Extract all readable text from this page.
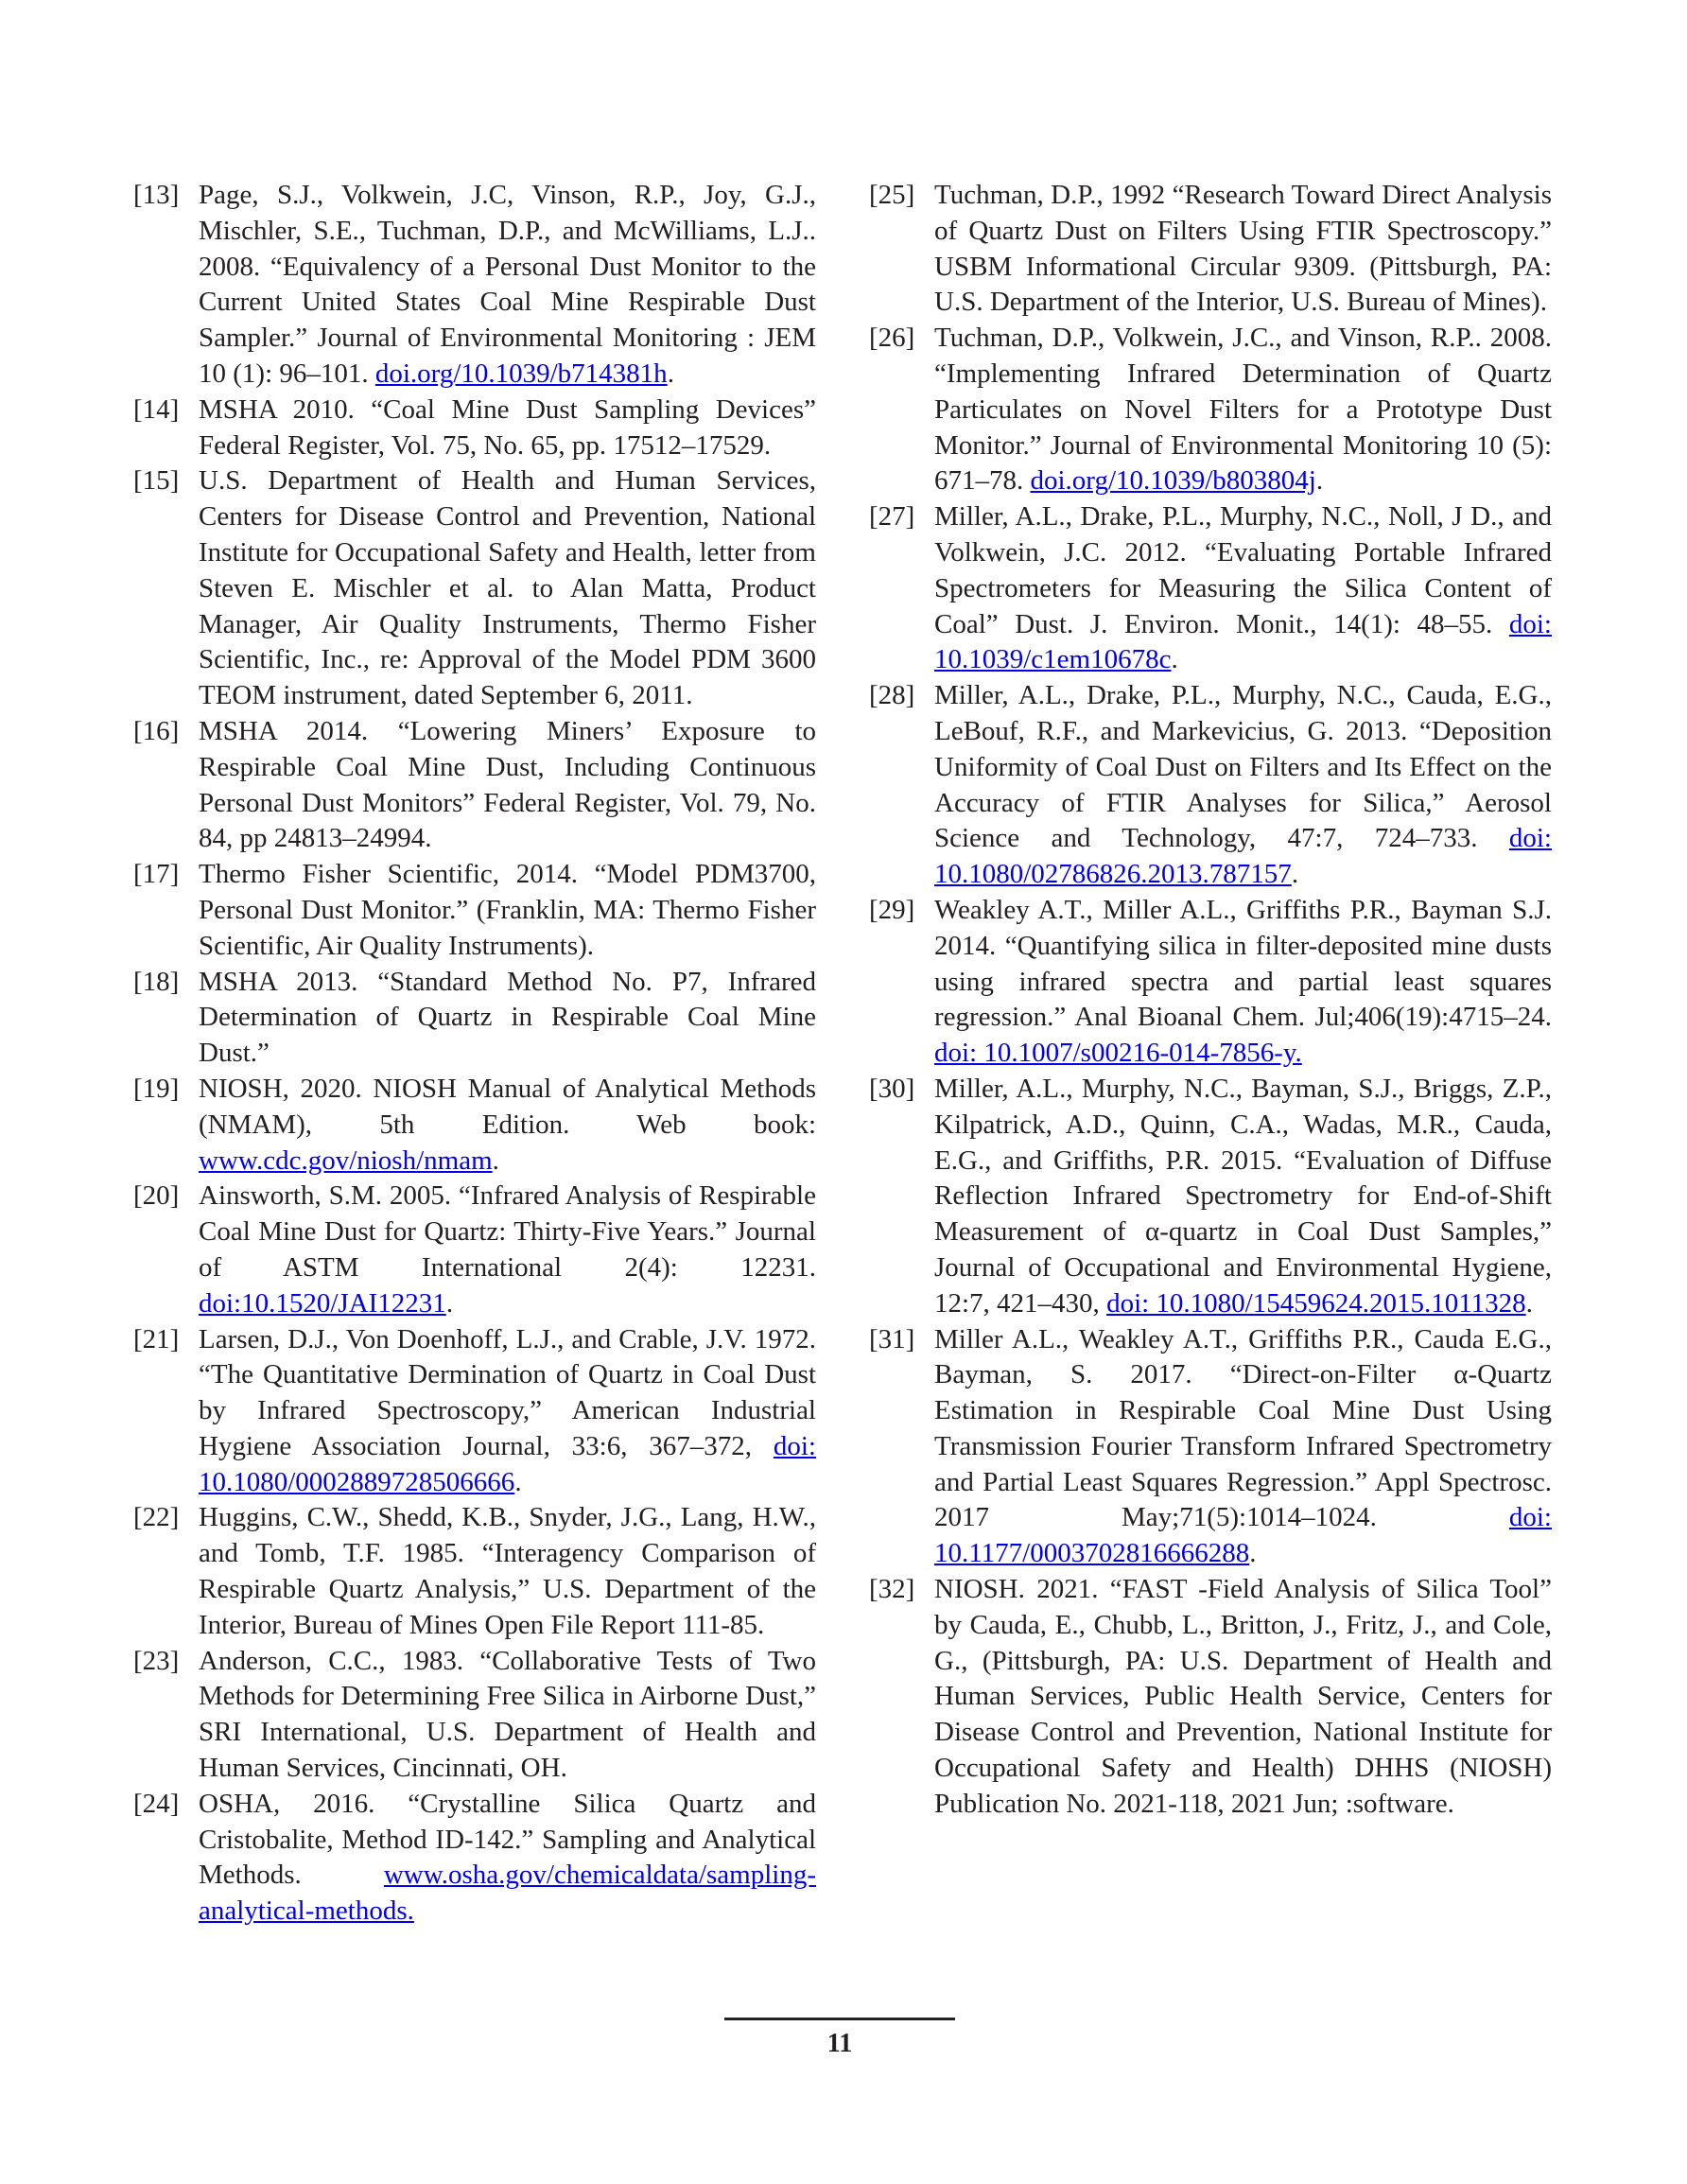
[13] Page, S.J., Volkwein, J.C, Vinson, R.P., Joy, G.J., Mischler, S.E., Tuchman, D.P., and McWilliams, L.J.. 2008. “Equivalency of a Personal Dust Monitor to the Current United States Coal Mine Respirable Dust Sampler.” Journal of Environmental Monitoring : JEM 10 (1): 96–101. doi.org/10.1039/b714381h.
[14] MSHA 2010. “Coal Mine Dust Sampling Devices” Federal Register, Vol. 75, No. 65, pp. 17512–17529.
[15] U.S. Department of Health and Human Services, Centers for Disease Control and Prevention, National Institute for Occupational Safety and Health, letter from Steven E. Mischler et al. to Alan Matta, Product Manager, Air Quality Instruments, Thermo Fisher Scientific, Inc., re: Approval of the Model PDM 3600 TEOM instrument, dated September 6, 2011.
[16] MSHA 2014. “Lowering Miners’ Exposure to Respirable Coal Mine Dust, Including Continuous Personal Dust Monitors” Federal Register, Vol. 79, No. 84, pp 24813–24994.
[17] Thermo Fisher Scientific, 2014. “Model PDM3700, Personal Dust Monitor.” (Franklin, MA: Thermo Fisher Scientific, Air Quality Instruments).
[18] MSHA 2013. “Standard Method No. P7, Infrared Determination of Quartz in Respirable Coal Mine Dust.”
[19] NIOSH, 2020. NIOSH Manual of Analytical Methods (NMAM), 5th Edition. Web book: www.cdc.gov/niosh/nmam.
[20] Ainsworth, S.M. 2005. “Infrared Analysis of Respirable Coal Mine Dust for Quartz: Thirty-Five Years.” Journal of ASTM International 2(4): 12231. doi:10.1520/JAI12231.
[21] Larsen, D.J., Von Doenhoff, L.J., and Crable, J.V. 1972. “The Quantitative Dermination of Quartz in Coal Dust by Infrared Spectroscopy,” American Industrial Hygiene Association Journal, 33:6, 367–372, doi: 10.1080/0002889728506666.
[22] Huggins, C.W., Shedd, K.B., Snyder, J.G., Lang, H.W., and Tomb, T.F. 1985. “Interagency Comparison of Respirable Quartz Analysis,” U.S. Department of the Interior, Bureau of Mines Open File Report 111-85.
[23] Anderson, C.C., 1983. “Collaborative Tests of Two Methods for Determining Free Silica in Airborne Dust,” SRI International, U.S. Department of Health and Human Services, Cincinnati, OH.
[24] OSHA, 2016. “Crystalline Silica Quartz and Cristobalite, Method ID-142.” Sampling and Analytical Methods. www.osha.gov/chemicaldata/sampling-analytical-methods.
[25] Tuchman, D.P., 1992 “Research Toward Direct Analysis of Quartz Dust on Filters Using FTIR Spectroscopy.” USBM Informational Circular 9309. (Pittsburgh, PA: U.S. Department of the Interior, U.S. Bureau of Mines).
[26] Tuchman, D.P., Volkwein, J.C., and Vinson, R.P.. 2008. “Implementing Infrared Determination of Quartz Particulates on Novel Filters for a Prototype Dust Monitor.” Journal of Environmental Monitoring 10 (5): 671–78. doi.org/10.1039/b803804j.
[27] Miller, A.L., Drake, P.L., Murphy, N.C., Noll, J D., and Volkwein, J.C. 2012. “Evaluating Portable Infrared Spectrometers for Measuring the Silica Content of Coal” Dust. J. Environ. Monit., 14(1): 48–55. doi: 10.1039/c1em10678c.
[28] Miller, A.L., Drake, P.L., Murphy, N.C., Cauda, E.G., LeBouf, R.F., and Markevicius, G. 2013. “Deposition Uniformity of Coal Dust on Filters and Its Effect on the Accuracy of FTIR Analyses for Silica,” Aerosol Science and Technology, 47:7, 724–733. doi: 10.1080/02786826.2013.787157.
[29] Weakley A.T., Miller A.L., Griffiths P.R., Bayman S.J. 2014. “Quantifying silica in filter-deposited mine dusts using infrared spectra and partial least squares regression.” Anal Bioanal Chem. Jul;406(19):4715–24. doi: 10.1007/s00216-014-7856-y.
[30] Miller, A.L., Murphy, N.C., Bayman, S.J., Briggs, Z.P., Kilpatrick, A.D., Quinn, C.A., Wadas, M.R., Cauda, E.G., and Griffiths, P.R. 2015. “Evaluation of Diffuse Reflection Infrared Spectrometry for End-of-Shift Measurement of α-quartz in Coal Dust Samples,” Journal of Occupational and Environmental Hygiene, 12:7, 421–430, doi: 10.1080/15459624.2015.1011328.
[31] Miller A.L., Weakley A.T., Griffiths P.R., Cauda E.G., Bayman, S. 2017. “Direct-on-Filter α-Quartz Estimation in Respirable Coal Mine Dust Using Transmission Fourier Transform Infrared Spectrometry and Partial Least Squares Regression.” Appl Spectrosc. 2017 May;71(5):1014–1024. doi: 10.1177/0003702816666288.
[32] NIOSH. 2021. “FAST -Field Analysis of Silica Tool” by Cauda, E., Chubb, L., Britton, J., Fritz, J., and Cole, G., (Pittsburgh, PA: U.S. Department of Health and Human Services, Public Health Service, Centers for Disease Control and Prevention, National Institute for Occupational Safety and Health) DHHS (NIOSH) Publication No. 2021-118, 2021 Jun; :software.
11
